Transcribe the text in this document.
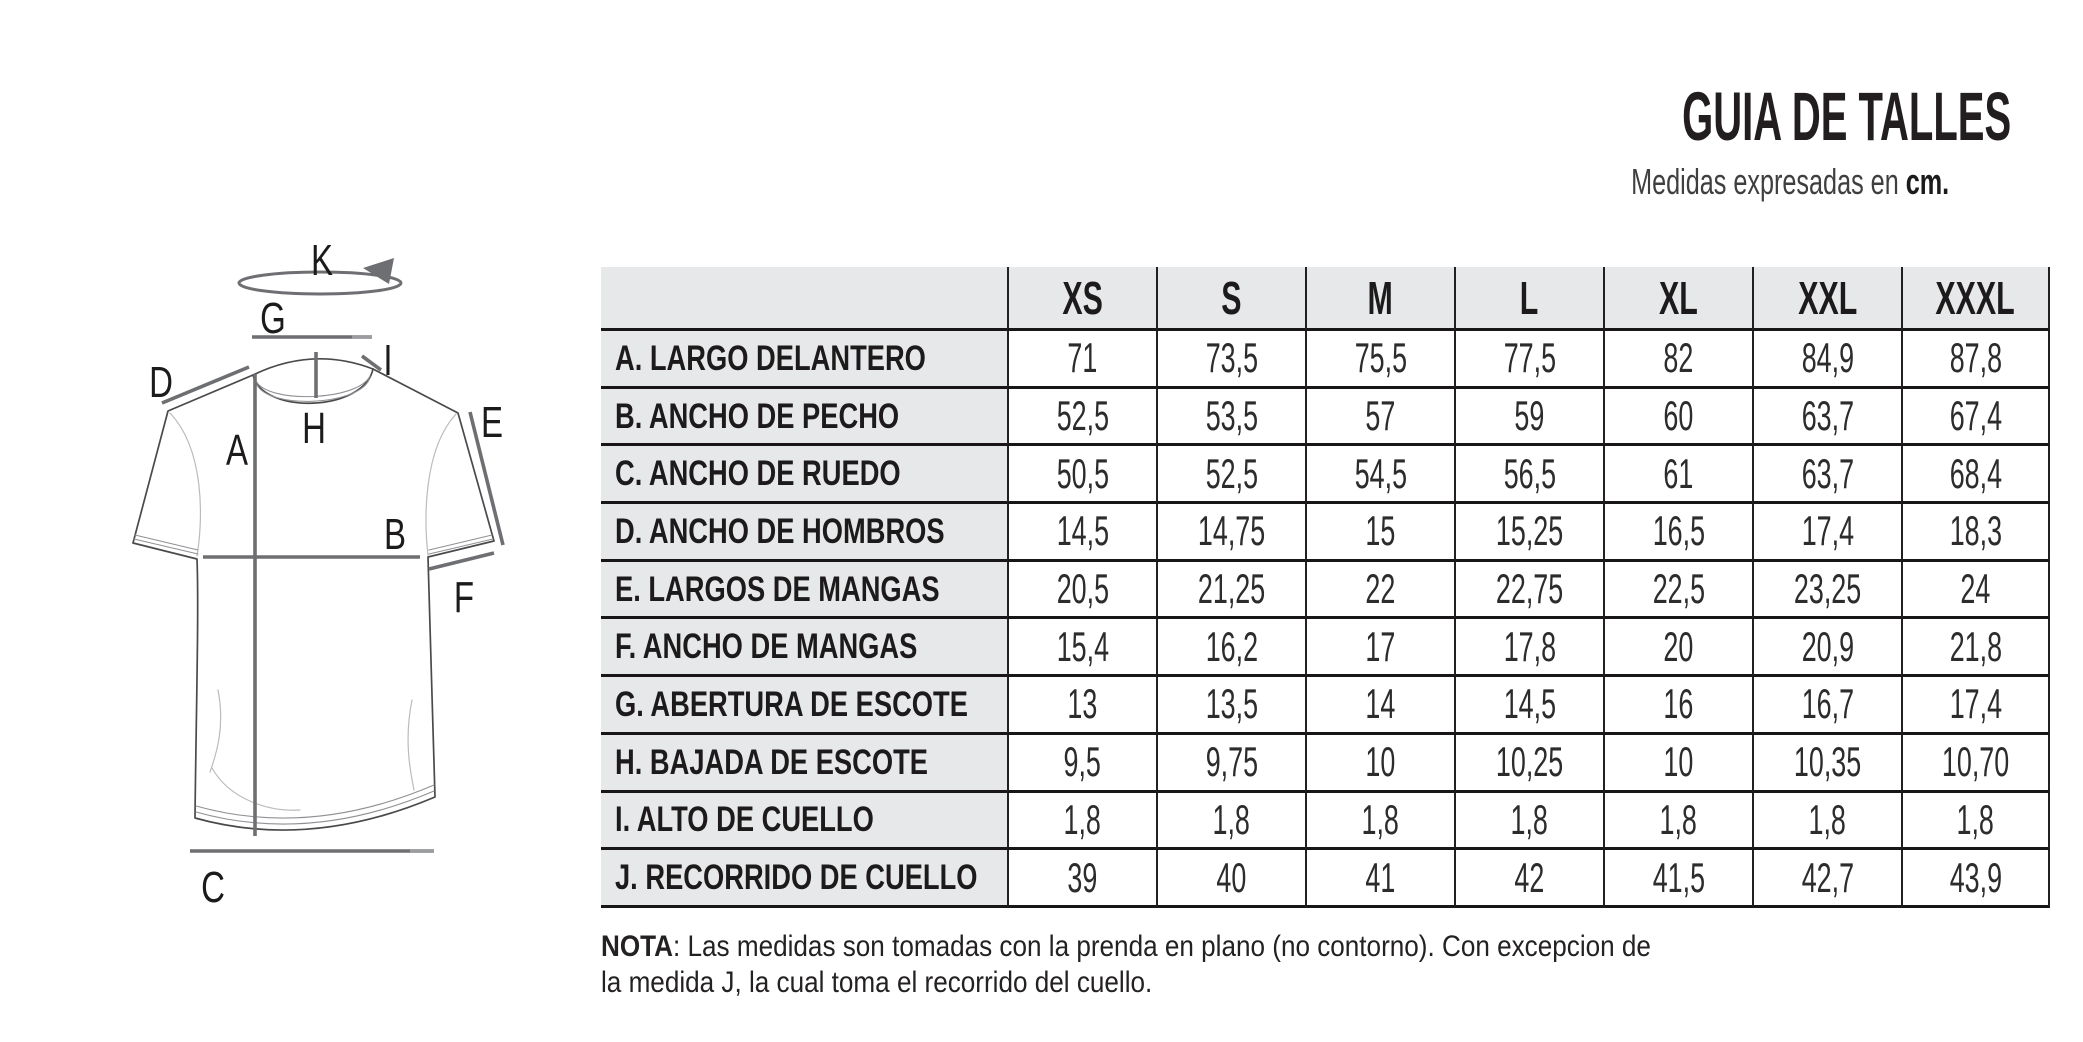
GUIA DE TALLES
Medidas expresadas en cm.
K
G
D	I
E
A H
B
F
C
XS	S	M	L	XL XXL XXXL
A. LARGO DELANTERO	71	73,5 75,5 77,5	82	84,9 87,8
B. ANCHO DE PECHO	52,5 53,5	57	59	60	63,7 67,4
C. ANCHO DE RUEDO	50,5 52,5 54,5 56,5	61	63,7 68,4
D. ANCHO DE HOMBROS	14,5 14,75 15 15,25 16,5 17,4 18,3
E. LARGOS DE MANGAS	20,5 21,25 22 22,75 22,5 23,25 24
F. ANCHO DE MANGAS	15,4 16,2	17	17,8	20	20,9 21,8
G. ABERTURA DE ESCOTE 13	13,5	14	14,5	16	16,7 17,4
H. BAJADA DE ESCOTE	9,5 9,75	10 10,25 10 10,35 10,70
I. ALTO DE CUELLO	1,8	1,8	1,8	1,8	1,8	1,8	1,8
J. RECORRIDO DE CUELLO 39	40	41	42	41,5 42,7 43,9
NOTA: Las medidas son tomadas con la prenda en plano (no contorno). Con excepcion de
la medida J, la cual toma el recorrido del cuello.
